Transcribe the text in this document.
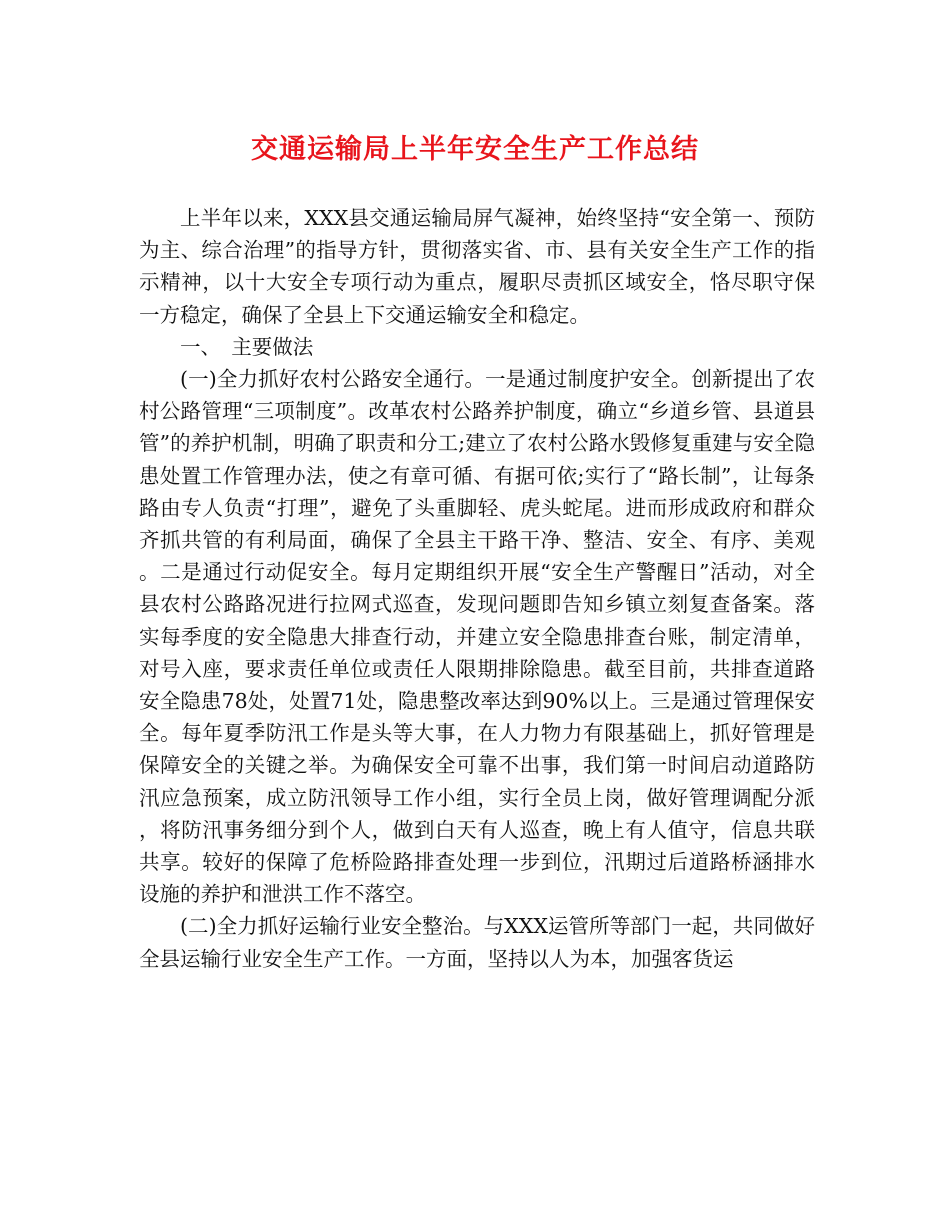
交通运输局上半年安全生产工作总结

上半年以来，XXX县交通运输局屏气凝神，始终坚持“安全第一、预防为主、综合治理”的指导方针，贯彻落实省、市、县有关安全生产工作的指示精神，以十大安全专项行动为重点，履职尽责抓区域安全，恪尽职守保一方稳定，确保了全县上下交通运输安全和稳定。

一、　主要做法

(一)全力抓好农村公路安全通行。一是通过制度护安全。创新提出了农村公路管理“三项制度”。改革农村公路养护制度，确立“乡道乡管、县道县管”的养护机制，明确了职责和分工;建立了农村公路水毁修复重建与安全隐患处置工作管理办法，使之有章可循、有据可依;实行了“路长制”，让每条路由专人负责“打理”，避免了头重脚轻、虎头蛇尾。进而形成政府和群众齐抓共管的有利局面，确保了全县主干路干净、整洁、安全、有序、美观。二是通过行动促安全。每月定期组织开展“安全生产警醒日”活动，对全县农村公路路况进行拉网式巡查，发现问题即告知乡镇立刻复查备案。落实每季度的安全隐患大排查行动，并建立安全隐患排查台账，制定清单，对号入座，要求责任单位或责任人限期排除隐患。截至目前，共排查道路安全隐患78处，处置71处，隐患整改率达到90%以上。三是通过管理保安全。每年夏季防汛工作是头等大事，在人力物力有限基础上，抓好管理是保障安全的关键之举。为确保安全可靠不出事，我们第一时间启动道路防汛应急预案，成立防汛领导工作小组，实行全员上岗，做好管理调配分派，将防汛事务细分到个人，做到白天有人巡查，晚上有人值守，信息共联共享。较好的保障了危桥险路排查处理一步到位，汛期过后道路桥涵排水设施的养护和泄洪工作不落空。

(二)全力抓好运输行业安全整治。与XXX运管所等部门一起，共同做好全县运输行业安全生产工作。一方面，坚持以人为本，加强客货运
